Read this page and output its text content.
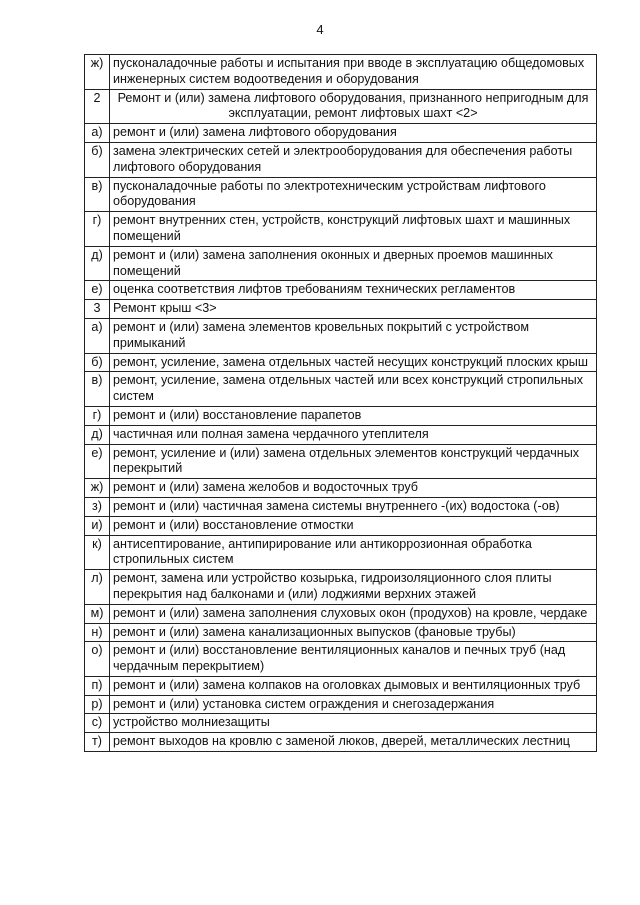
4
ж)	пусконаладочные работы и испытания при вводе в эксплуатацию общедомовых инженерных систем водоотведения и оборудования
2	Ремонт и (или) замена лифтового оборудования, признанного непригодным для эксплуатации, ремонт лифтовых шахт <2>
а)	ремонт и (или) замена лифтового оборудования
б)	замена электрических сетей и электрооборудования для обеспечения работы лифтового оборудования
в)	пусконаладочные работы по электротехническим устройствам лифтового оборудования
г)	ремонт внутренних стен, устройств, конструкций лифтовых шахт и машинных помещений
д)	ремонт и (или) замена заполнения оконных и дверных проемов машинных помещений
е)	оценка соответствия лифтов требованиям технических регламентов
3	Ремонт крыш <3>
а)	ремонт и (или) замена элементов кровельных покрытий с устройством примыканий
б)	ремонт, усиление, замена отдельных частей несущих конструкций плоских крыш
в)	ремонт, усиление, замена отдельных частей или всех конструкций стропильных систем
г)	ремонт и (или) восстановление парапетов
д)	частичная или полная замена чердачного утеплителя
е)	ремонт, усиление и (или) замена отдельных элементов конструкций чердачных перекрытий
ж)	ремонт и (или) замена желобов и водосточных труб
з)	ремонт и (или) частичная замена системы внутреннего -(их) водостока (-ов)
и)	ремонт и (или) восстановление отмостки
к)	антисептирование, антипирирование или антикоррозионная обработка стропильных систем
л)	ремонт, замена или устройство козырька, гидроизоляционного слоя плиты перекрытия над балконами и (или) лоджиями верхних этажей
м)	ремонт и (или) замена заполнения слуховых окон (продухов) на кровле, чердаке
н)	ремонт и (или) замена канализационных выпусков (фановые трубы)
о)	ремонт и (или) восстановление вентиляционных каналов и печных труб (над чердачным перекрытием)
п)	ремонт и (или) замена колпаков на оголовках дымовых и вентиляционных труб
р)	ремонт и (или) установка систем ограждения и снегозадержания
с)	устройство молниезащиты
т)	ремонт выходов на кровлю с заменой люков, дверей, металлических лестниц
